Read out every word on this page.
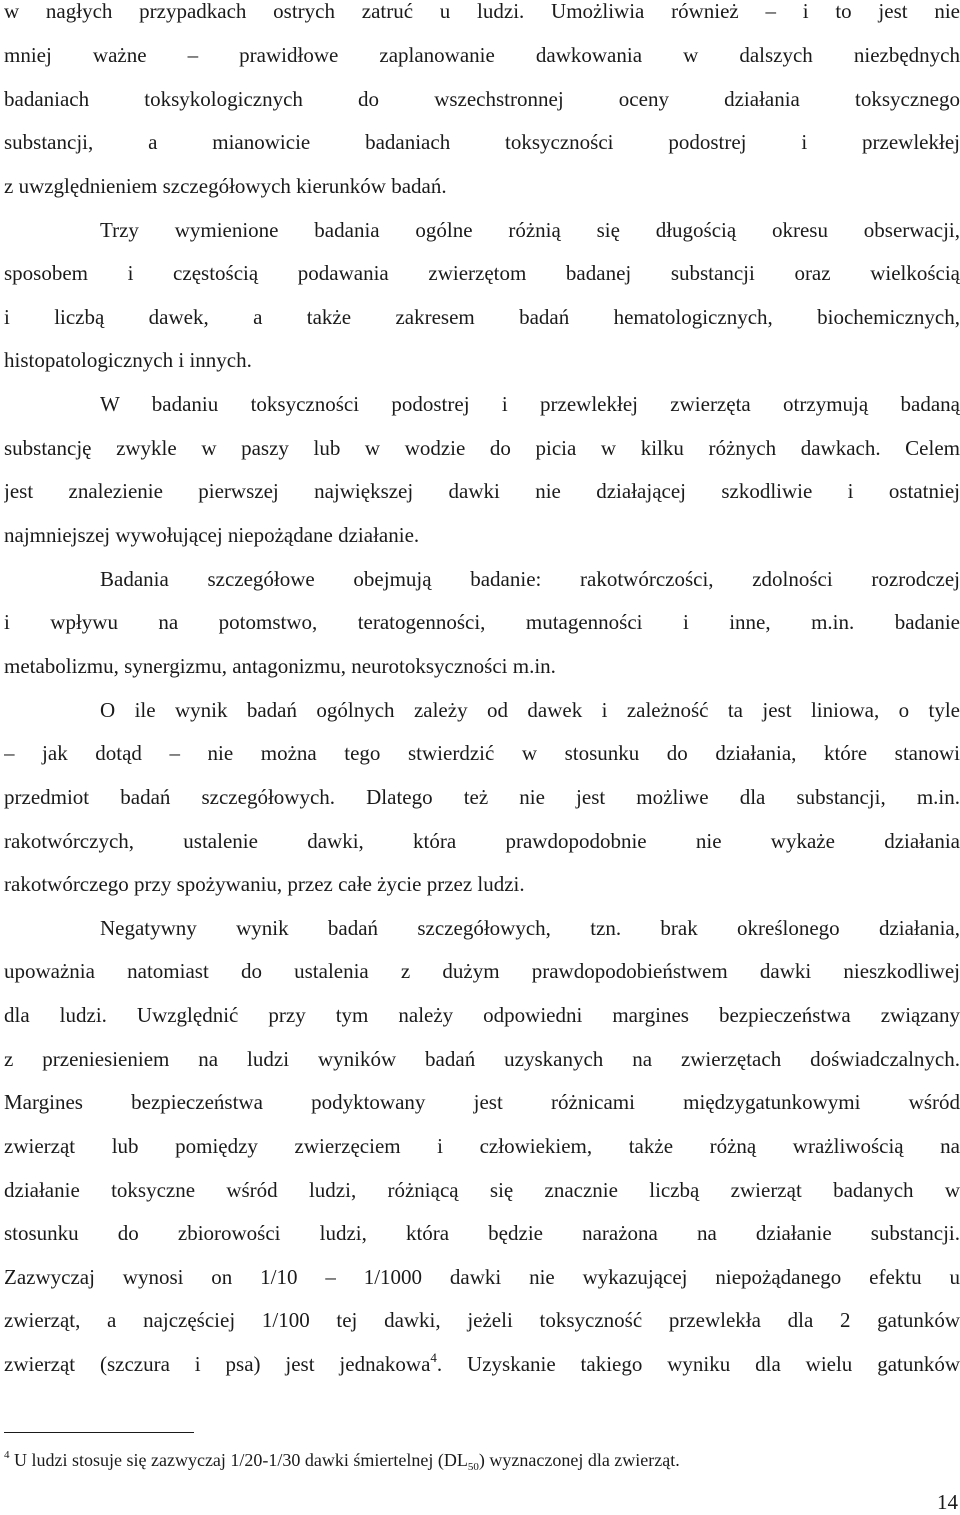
w nagłych przypadkach ostrych zatruć u ludzi. Umożliwia również – i to jest nie
mniej ważne – prawidłowe zaplanowanie dawkowania w dalszych niezbędnych
badaniach toksykologicznych do wszechstronnej oceny działania toksycznego
substancji, a mianowicie badaniach toksyczności podostrej i przewlekłej
z uwzględnieniem szczegółowych kierunków badań.
Trzy wymienione badania ogólne różnią się długością okresu obserwacji,
sposobem i częstością podawania zwierzętom badanej substancji oraz wielkością
i liczbą dawek, a także zakresem badań hematologicznych, biochemicznych,
histopatologicznych i innych.
W badaniu toksyczności podostrej i przewlekłej zwierzęta otrzymują badaną
substancję zwykle w paszy lub w wodzie do picia w kilku różnych dawkach. Celem
jest znalezienie pierwszej największej dawki nie działającej szkodliwie i ostatniej
najmniejszej wywołującej niepożądane działanie.
Badania szczegółowe obejmują badanie: rakotwórczości, zdolności rozrodczej
i wpływu na potomstwo, teratogenności, mutagenności i inne, m.in. badanie
metabolizmu, synergizmu, antagonizmu, neurotoksyczności m.in.
O ile wynik badań ogólnych zależy od dawek i zależność ta jest liniowa, o tyle
– jak dotąd – nie można tego stwierdzić w stosunku do działania, które stanowi
przedmiot badań szczegółowych. Dlatego też nie jest możliwe dla substancji, m.in.
rakotwórczych, ustalenie dawki, która prawdopodobnie nie wykaże działania
rakotwórczego przy spożywaniu, przez całe życie przez ludzi.
Negatywny wynik badań szczegółowych, tzn. brak określonego działania,
upoważnia natomiast do ustalenia z dużym prawdopodobieństwem dawki nieszkodliwej
dla ludzi. Uwzględnić przy tym należy odpowiedni margines bezpieczeństwa związany
z przeniesieniem na ludzi wyników badań uzyskanych na zwierzętach doświadczalnych.
Margines bezpieczeństwa podyktowany jest różnicami międzygatunkowymi wśród
zwierząt lub pomiędzy zwierzęciem i człowiekiem, także różną wrażliwością na
działanie toksyczne wśród ludzi, różniącą się znacznie liczbą zwierząt badanych w
stosunku do zbiorowości ludzi, która będzie narażona na działanie substancji.
Zazwyczaj wynosi on 1/10 – 1/1000 dawki nie wykazującej niepożądanego efektu u
zwierząt, a najczęściej 1/100 tej dawki, jeżeli toksyczność przewlekła dla 2 gatunków
zwierząt (szczura i psa) jest jednakowa$^4$. Uzyskanie takiego wyniku dla wielu gatunków
$^4$ U ludzi stosuje się zazwyczaj 1/20-1/30 dawki śmiertelnej $(DL_{50})$ wyznaczonej dla zwierząt.
14
